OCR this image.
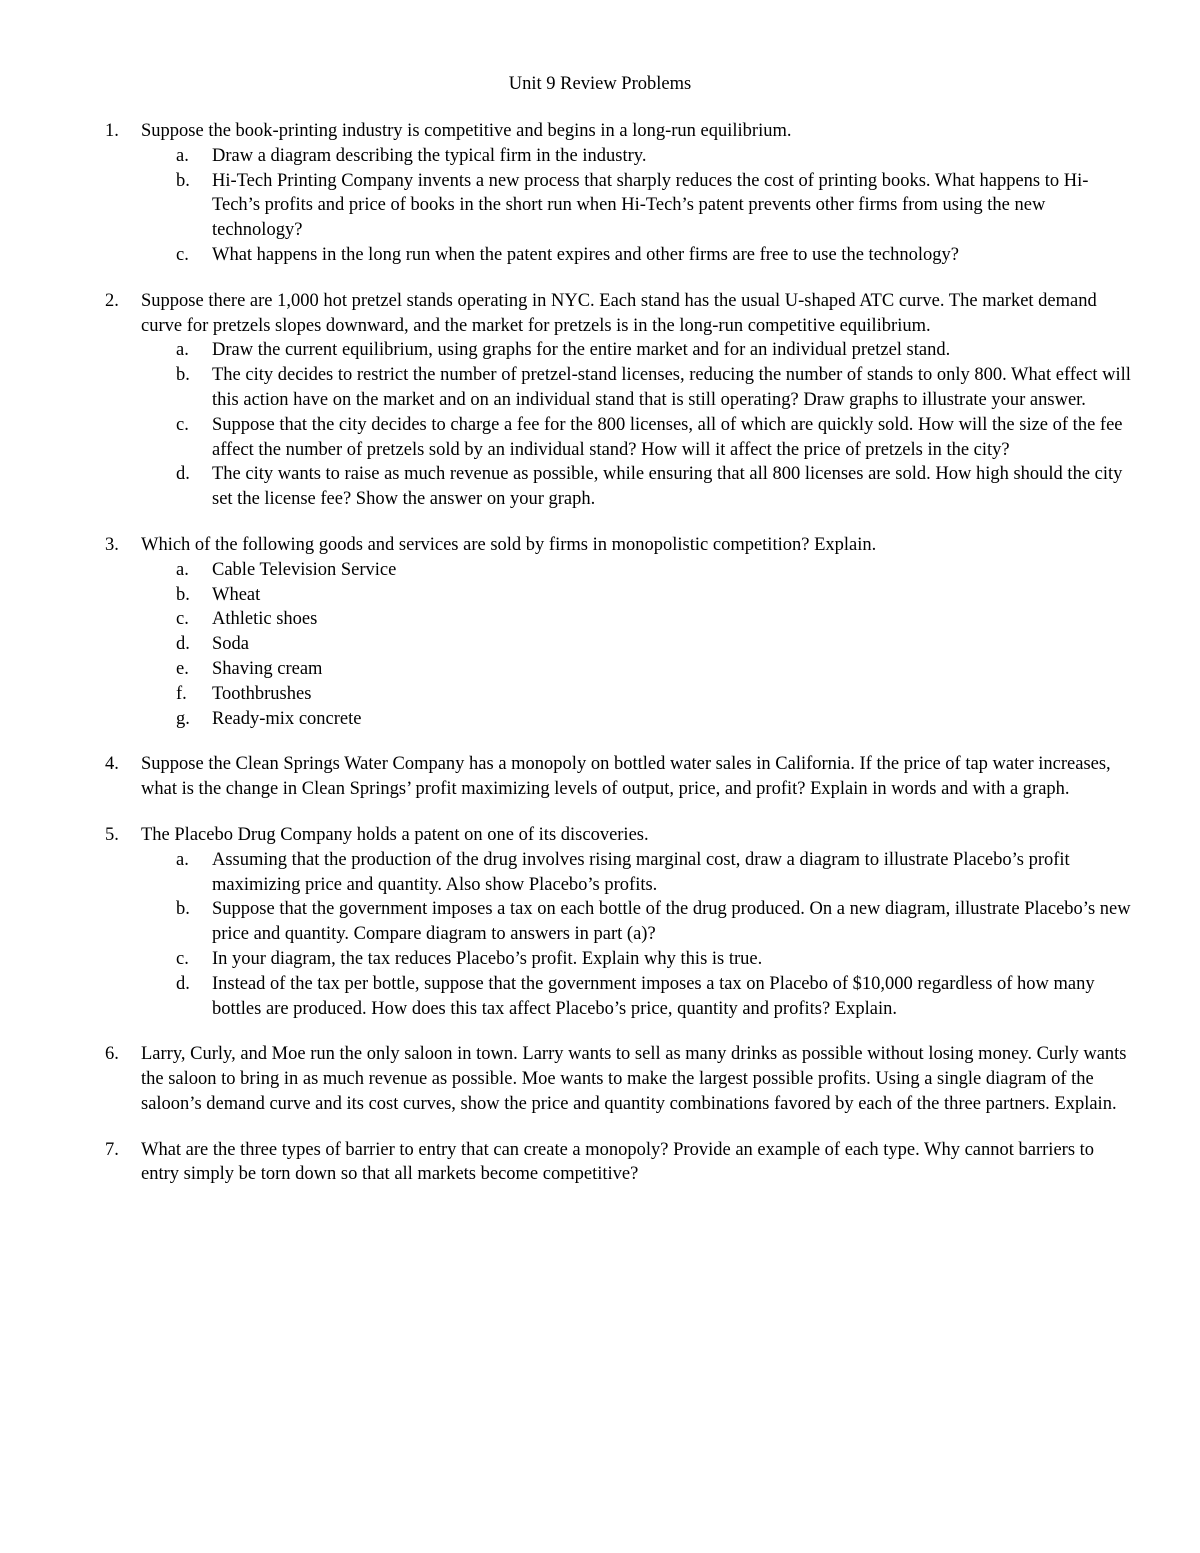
Unit 9 Review Problems
1. Suppose the book-printing industry is competitive and begins in a long-run equilibrium.
a. Draw a diagram describing the typical firm in the industry.
b. Hi-Tech Printing Company invents a new process that sharply reduces the cost of printing books. What happens to Hi-Tech’s profits and price of books in the short run when Hi-Tech’s patent prevents other firms from using the new technology?
c. What happens in the long run when the patent expires and other firms are free to use the technology?
2. Suppose there are 1,000 hot pretzel stands operating in NYC. Each stand has the usual U-shaped ATC curve. The market demand curve for pretzels slopes downward, and the market for pretzels is in the long-run competitive equilibrium.
a. Draw the current equilibrium, using graphs for the entire market and for an individual pretzel stand.
b. The city decides to restrict the number of pretzel-stand licenses, reducing the number of stands to only 800. What effect will this action have on the market and on an individual stand that is still operating? Draw graphs to illustrate your answer.
c. Suppose that the city decides to charge a fee for the 800 licenses, all of which are quickly sold. How will the size of the fee affect the number of pretzels sold by an individual stand? How will it affect the price of pretzels in the city?
d. The city wants to raise as much revenue as possible, while ensuring that all 800 licenses are sold. How high should the city set the license fee? Show the answer on your graph.
3. Which of the following goods and services are sold by firms in monopolistic competition? Explain.
a. Cable Television Service
b. Wheat
c. Athletic shoes
d. Soda
e. Shaving cream
f. Toothbrushes
g. Ready-mix concrete
4. Suppose the Clean Springs Water Company has a monopoly on bottled water sales in California. If the price of tap water increases, what is the change in Clean Springs’ profit maximizing levels of output, price, and profit? Explain in words and with a graph.
5. The Placebo Drug Company holds a patent on one of its discoveries.
a. Assuming that the production of the drug involves rising marginal cost, draw a diagram to illustrate Placebo’s profit maximizing price and quantity. Also show Placebo’s profits.
b. Suppose that the government imposes a tax on each bottle of the drug produced. On a new diagram, illustrate Placebo’s new price and quantity. Compare diagram to answers in part (a)?
c. In your diagram, the tax reduces Placebo’s profit. Explain why this is true.
d. Instead of the tax per bottle, suppose that the government imposes a tax on Placebo of $10,000 regardless of how many bottles are produced. How does this tax affect Placebo’s price, quantity and profits? Explain.
6. Larry, Curly, and Moe run the only saloon in town. Larry wants to sell as many drinks as possible without losing money. Curly wants the saloon to bring in as much revenue as possible. Moe wants to make the largest possible profits. Using a single diagram of the saloon’s demand curve and its cost curves, show the price and quantity combinations favored by each of the three partners. Explain.
7. What are the three types of barrier to entry that can create a monopoly? Provide an example of each type. Why cannot barriers to entry simply be torn down so that all markets become competitive?
